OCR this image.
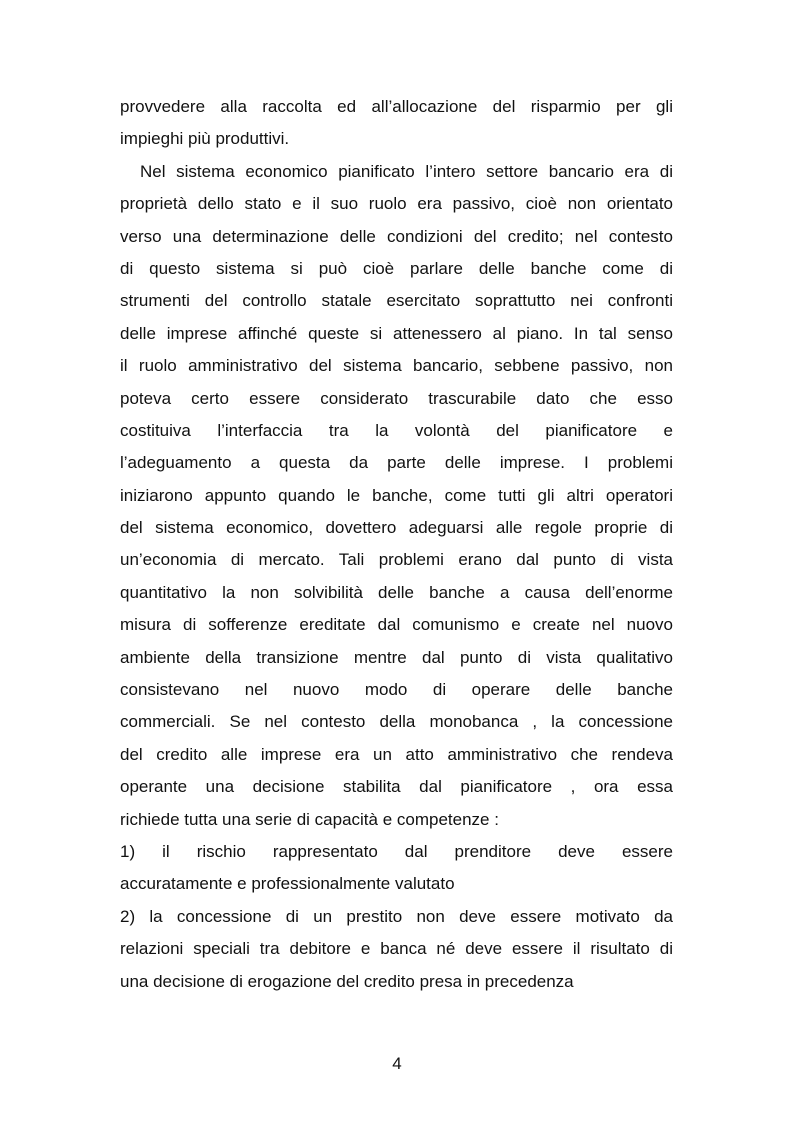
provvedere alla raccolta ed all’allocazione del risparmio per gli
impieghi più produttivi.
Nel sistema economico pianificato l’intero settore bancario era di
proprietà dello stato e il suo ruolo era passivo, cioè non orientato
verso una determinazione delle condizioni del credito; nel contesto
di questo sistema si può cioè parlare delle banche come di
strumenti del controllo statale esercitato soprattutto nei confronti
delle imprese affinché queste si attenessero al piano. In tal senso
il ruolo amministrativo del sistema bancario, sebbene passivo, non
poteva certo essere considerato trascurabile dato che esso
costituiva l’interfaccia tra la volontà del pianificatore e
l’adeguamento a questa da parte delle imprese. I problemi
iniziarono appunto quando le banche, come tutti gli altri operatori
del sistema economico, dovettero adeguarsi alle regole proprie di
un’economia di mercato. Tali problemi erano dal punto di vista
quantitativo la non solvibilità delle banche a causa dell’enorme
misura di sofferenze ereditate dal comunismo e create nel nuovo
ambiente della transizione mentre dal punto di vista qualitativo
consistevano nel nuovo modo di operare delle banche
commerciali. Se nel contesto della monobanca , la concessione
del credito alle imprese era un atto amministrativo che rendeva
operante una decisione stabilita dal pianificatore , ora essa
richiede tutta una serie di capacità e competenze :
1) il rischio rappresentato dal prenditore deve essere
accuratamente e professionalmente valutato
2) la concessione di un prestito non deve essere motivato da
relazioni speciali tra debitore e banca né deve essere il risultato di
una decisione di erogazione del credito presa in precedenza
4
